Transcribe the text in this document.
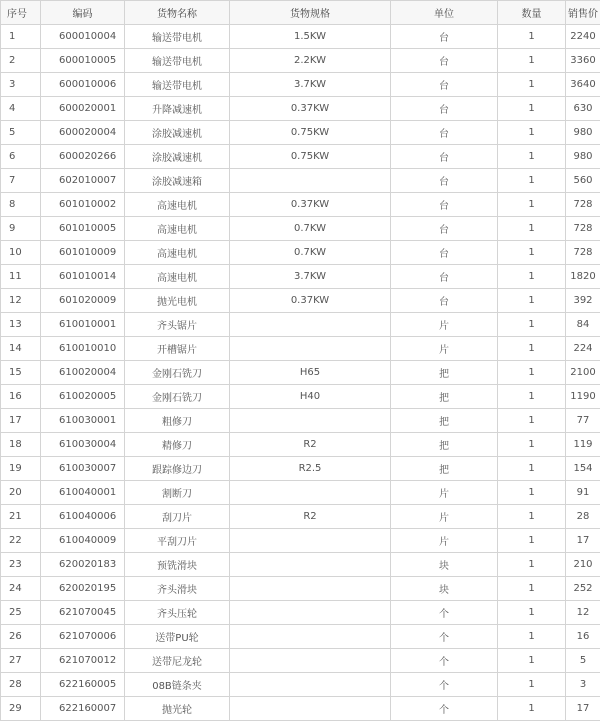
序号	编码	货物名称	货物规格	单位	数量	销售价
1	600010004	输送带电机	1.5KW	台	1	2240
2	600010005	输送带电机	2.2KW	台	1	3360
3	600010006	输送带电机	3.7KW	台	1	3640
4	600020001	升降减速机	0.37KW	台	1	630
5	600020004	涂胶减速机	0.75KW	台	1	980
6	600020266	涂胶减速机	0.75KW	台	1	980
7	602010007	涂胶减速箱		台	1	560
8	601010002	高速电机	0.37KW	台	1	728
9	601010005	高速电机	0.7KW	台	1	728
10	601010009	高速电机	0.7KW	台	1	728
11	601010014	高速电机	3.7KW	台	1	1820
12	601020009	抛光电机	0.37KW	台	1	392
13	610010001	齐头锯片		片	1	84
14	610010010	开槽锯片		片	1	224
15	610020004	金刚石铣刀	H65	把	1	2100
16	610020005	金刚石铣刀	H40	把	1	1190
17	610030001	粗修刀		把	1	77
18	610030004	精修刀	R2	把	1	119
19	610030007	跟踪修边刀	R2.5	把	1	154
20	610040001	割断刀		片	1	91
21	610040006	刮刀片	R2	片	1	28
22	610040009	平刮刀片		片	1	17
23	620020183	预铣滑块		块	1	210
24	620020195	齐头滑块		块	1	252
25	621070045	齐头压轮		个	1	12
26	621070006	送带PU轮		个	1	16
27	621070012	送带尼龙轮		个	1	5
28	622160005	08B链条夹		个	1	3
29	622160007	抛光轮		个	1	17
